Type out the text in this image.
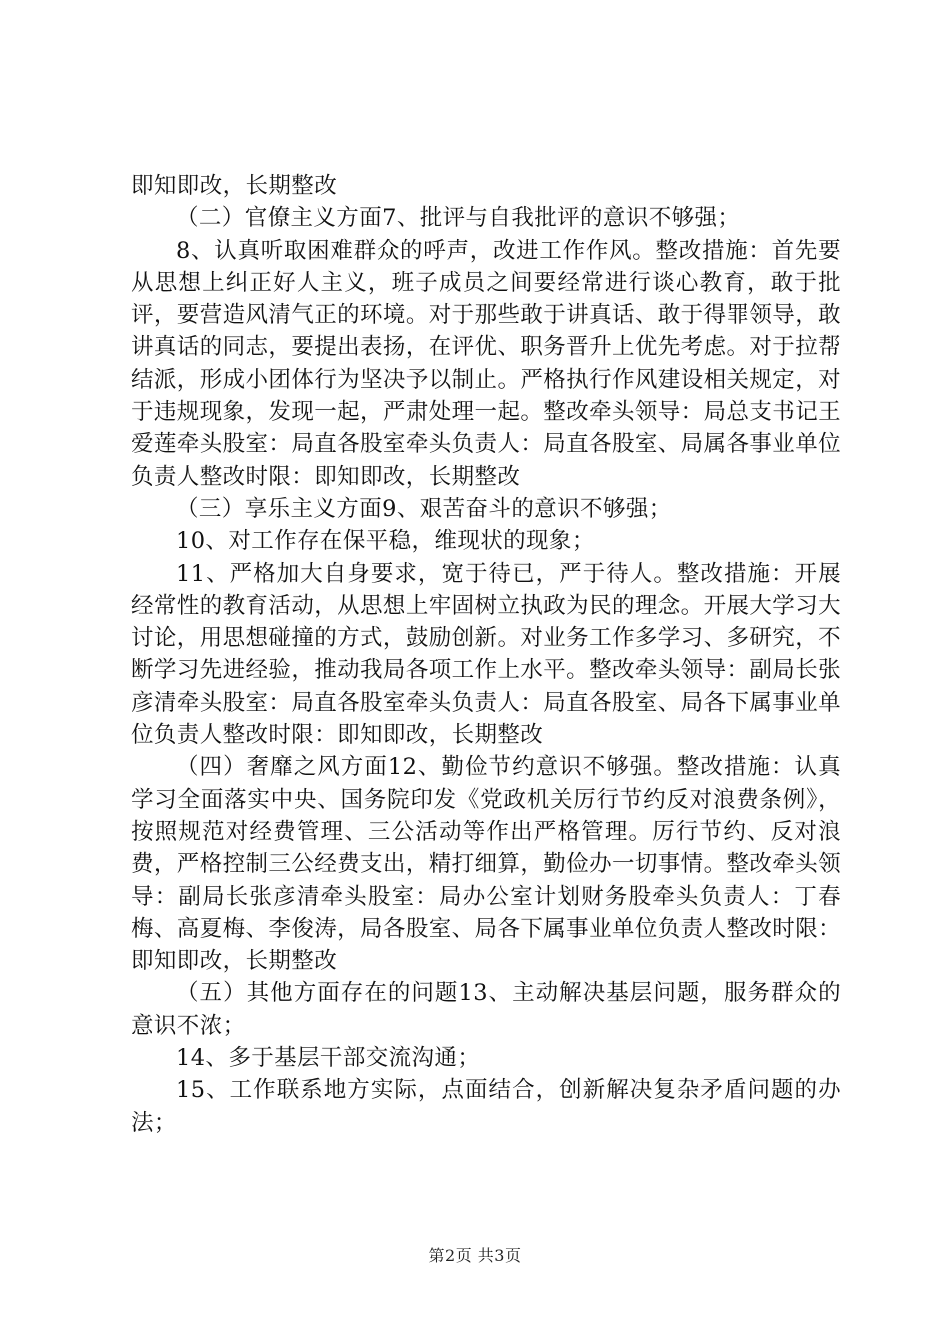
即知即改，长期整改

（二）官僚主义方面7、批评与自我批评的意识不够强；

8、认真听取困难群众的呼声，改进工作作风。整改措施：首先要从思想上纠正好人主义，班子成员之间要经常进行谈心教育，敢于批评，要营造风清气正的环境。对于那些敢于讲真话、敢于得罪领导，敢讲真话的同志，要提出表扬，在评优、职务晋升上优先考虑。对于拉帮结派，形成小团体行为坚决予以制止。严格执行作风建设相关规定，对于违规现象，发现一起，严肃处理一起。整改牵头领导：局总支书记王爱莲牵头股室：局直各股室牵头负责人：局直各股室、局属各事业单位负责人整改时限：即知即改，长期整改

（三）享乐主义方面9、艰苦奋斗的意识不够强；

10、对工作存在保平稳，维现状的现象；

11、严格加大自身要求，宽于待已，严于待人。整改措施：开展经常性的教育活动，从思想上牢固树立执政为民的理念。开展大学习大讨论，用思想碰撞的方式，鼓励创新。对业务工作多学习、多研究，不断学习先进经验，推动我局各项工作上水平。整改牵头领导：副局长张彦清牵头股室：局直各股室牵头负责人：局直各股室、局各下属事业单位负责人整改时限：即知即改，长期整改

（四）奢靡之风方面12、勤俭节约意识不够强。整改措施：认真学习全面落实中央、国务院印发《党政机关厉行节约反对浪费条例》，按照规范对经费管理、三公活动等作出严格管理。厉行节约、反对浪费，严格控制三公经费支出，精打细算，勤俭办一切事情。整改牵头领导：副局长张彦清牵头股室：局办公室计划财务股牵头负责人：丁春梅、高夏梅、李俊涛，局各股室、局各下属事业单位负责人整改时限：即知即改，长期整改

（五）其他方面存在的问题13、主动解决基层问题，服务群众的意识不浓；

14、多于基层干部交流沟通；

15、工作联系地方实际，点面结合，创新解决复杂矛盾问题的办法；

第2页 共3页
